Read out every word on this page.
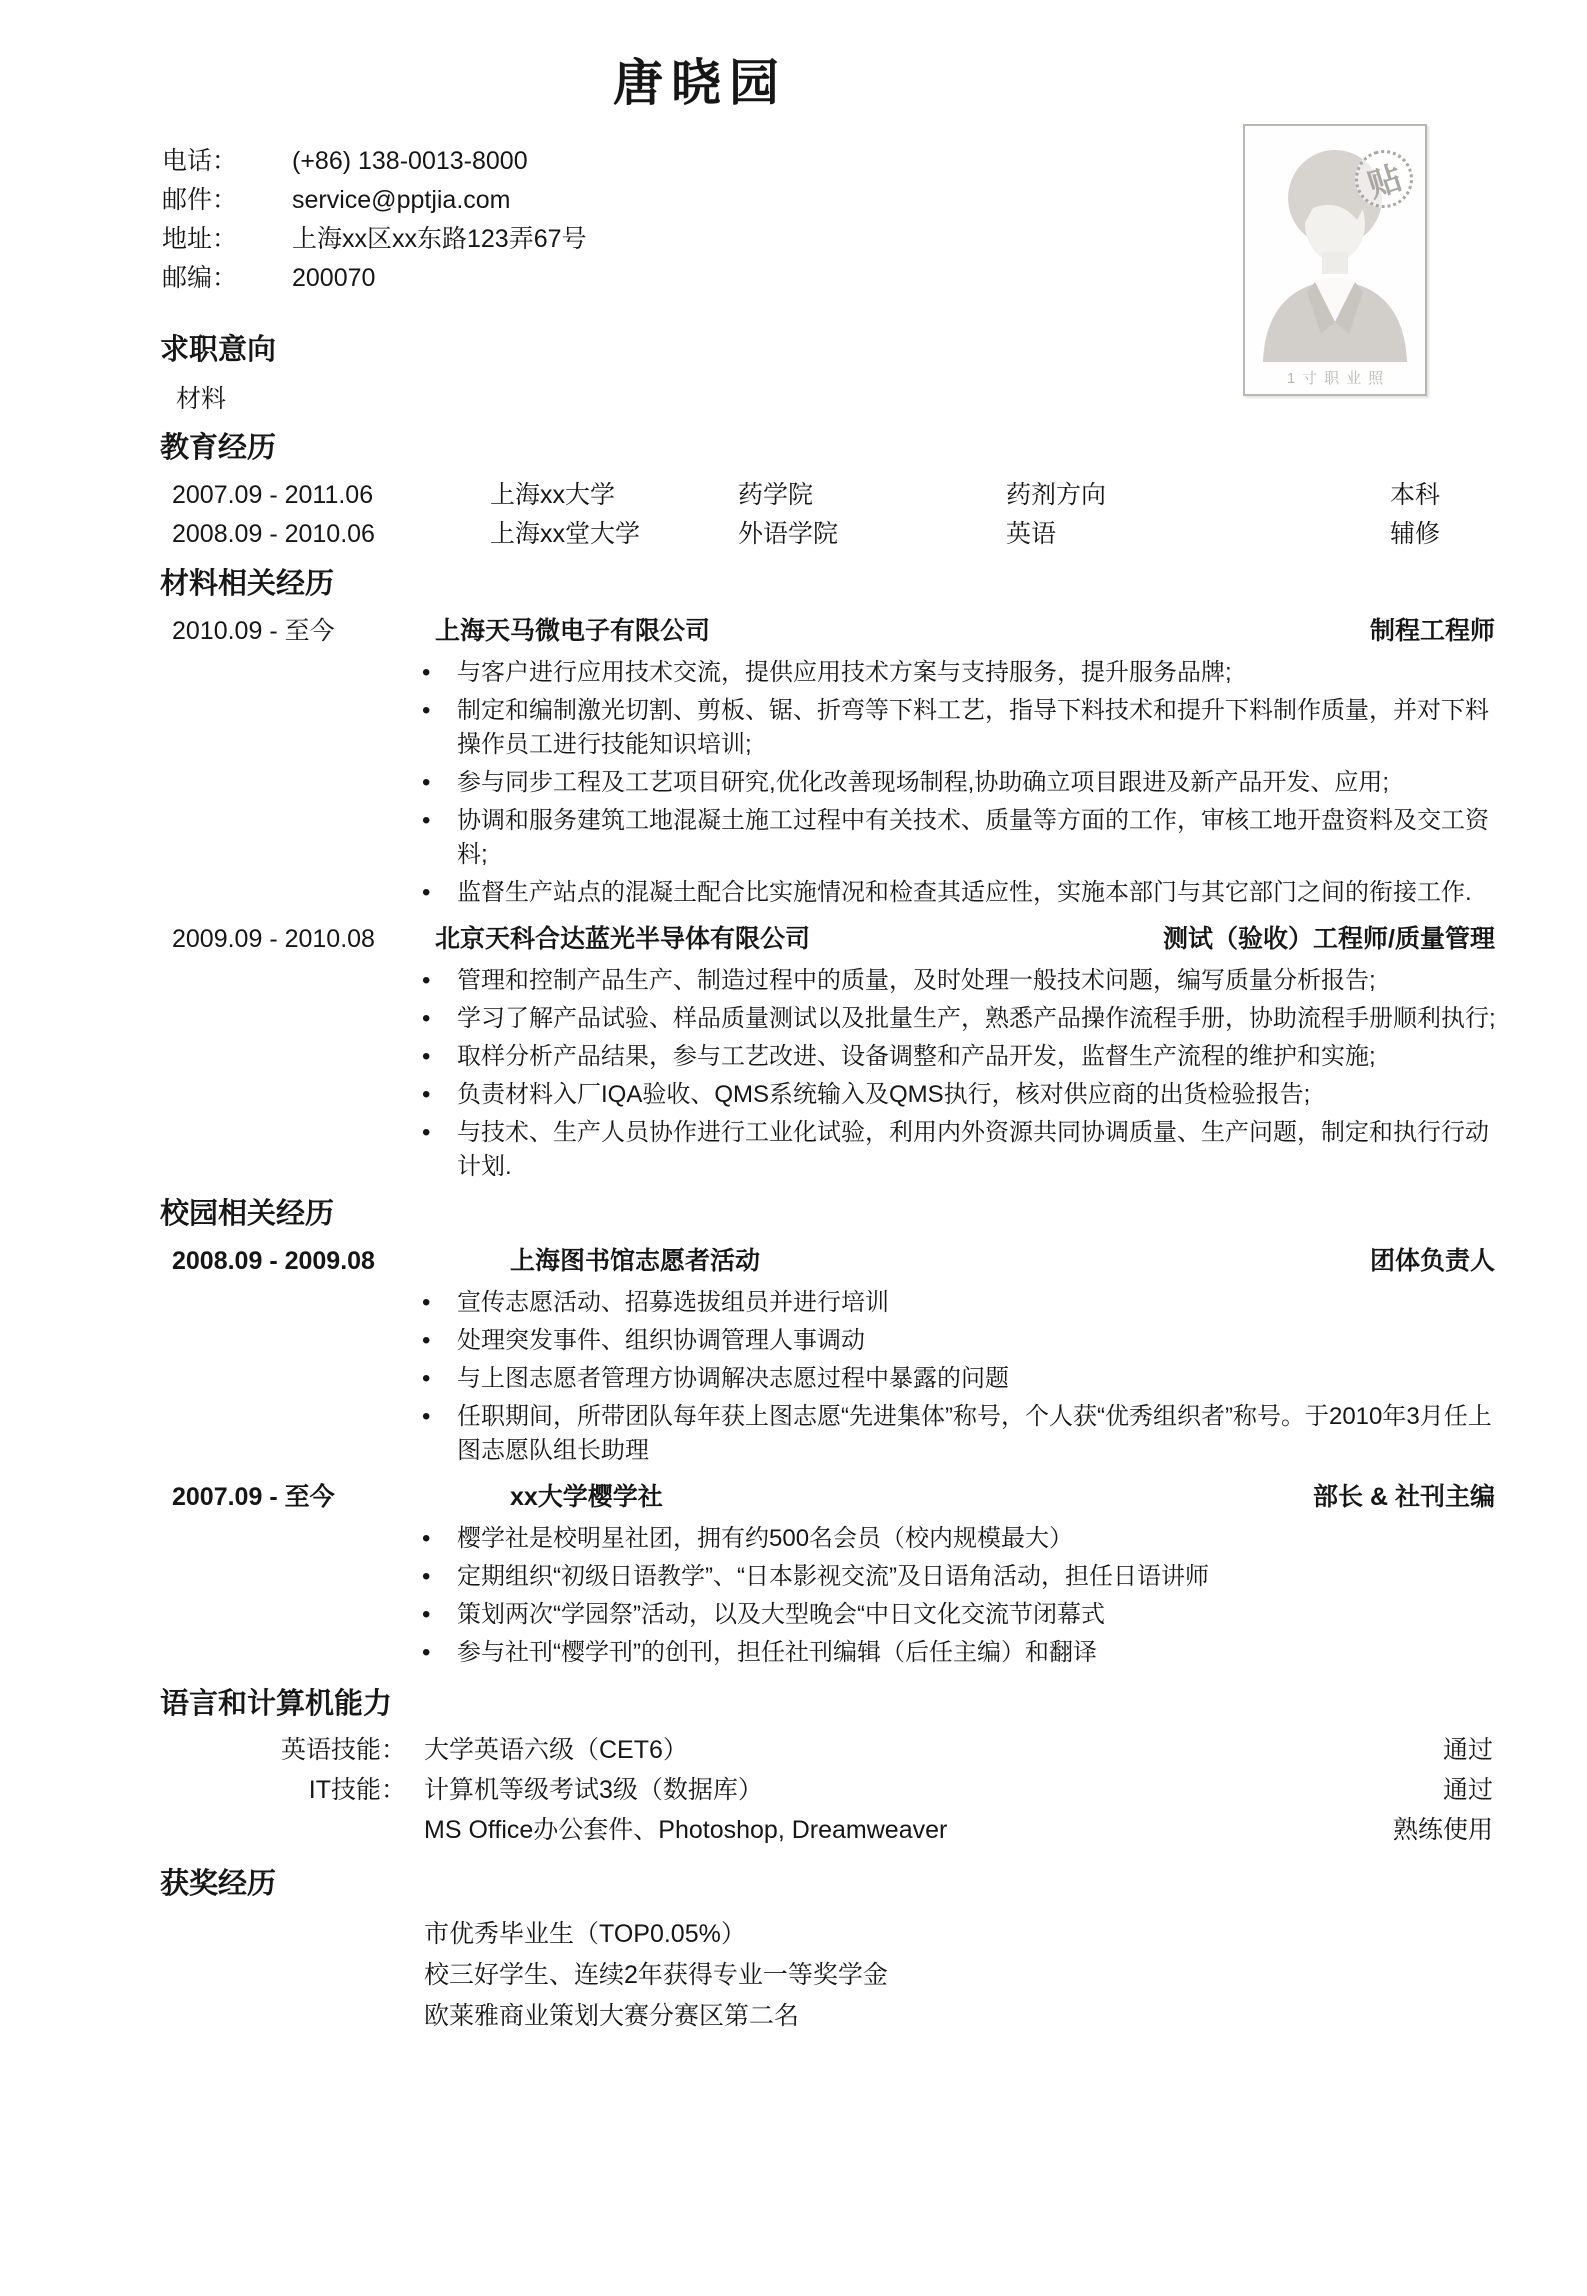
唐晓园
电话：	(+86) 138-0013-8000
邮件：	service@pptjia.com
地址：	上海xx区xx东路123弄67号
邮编：	200070
贴
1寸职业照
求职意向
材料
教育经历
2007.09 - 2011.06	上海xx大学	药学院	药剂方向	本科
2008.09 - 2010.06	上海xx堂大学	外语学院	英语	辅修
材料相关经历
2010.09 - 至今	上海天马微电子有限公司	制程工程师
• 与客户进行应用技术交流，提供应用技术方案与支持服务，提升服务品牌;
• 制定和编制激光切割、剪板、锯、折弯等下料工艺，指导下料技术和提升下料制作质量，并对下料操作员工进行技能知识培训;
• 参与同步工程及工艺项目研究,优化改善现场制程,协助确立项目跟进及新产品开发、应用;
• 协调和服务建筑工地混凝土施工过程中有关技术、质量等方面的工作，审核工地开盘资料及交工资料;
• 监督生产站点的混凝土配合比实施情况和检查其适应性，实施本部门与其它部门之间的衔接工作.
2009.09 - 2010.08	北京天科合达蓝光半导体有限公司	测试（验收）工程师/质量管理
• 管理和控制产品生产、制造过程中的质量，及时处理一般技术问题，编写质量分析报告;
• 学习了解产品试验、样品质量测试以及批量生产，熟悉产品操作流程手册，协助流程手册顺利执行;
• 取样分析产品结果，参与工艺改进、设备调整和产品开发，监督生产流程的维护和实施;
• 负责材料入厂IQA验收、QMS系统输入及QMS执行，核对供应商的出货检验报告;
• 与技术、生产人员协作进行工业化试验，利用内外资源共同协调质量、生产问题，制定和执行行动计划.
校园相关经历
2008.09 - 2009.08	上海图书馆志愿者活动	团体负责人
• 宣传志愿活动、招募选拔组员并进行培训
• 处理突发事件、组织协调管理人事调动
• 与上图志愿者管理方协调解决志愿过程中暴露的问题
• 任职期间，所带团队每年获上图志愿“先进集体”称号，个人获“优秀组织者”称号。于2010年3月任上图志愿队组长助理
2007.09 - 至今	xx大学樱学社	部长 & 社刊主编
• 樱学社是校明星社团，拥有约500名会员（校内规模最大）
• 定期组织“初级日语教学”、“日本影视交流”及日语角活动，担任日语讲师
• 策划两次“学园祭”活动，以及大型晚会“中日文化交流节闭幕式
• 参与社刊“樱学刊”的创刊，担任社刊编辑（后任主编）和翻译
语言和计算机能力
英语技能： 大学英语六级（CET6）	通过
IT技能： 计算机等级考试3级（数据库）	通过
MS Office办公套件、Photoshop, Dreamweaver	熟练使用
获奖经历
市优秀毕业生（TOP0.05%）
校三好学生、连续2年获得专业一等奖学金
欧莱雅商业策划大赛分赛区第二名
